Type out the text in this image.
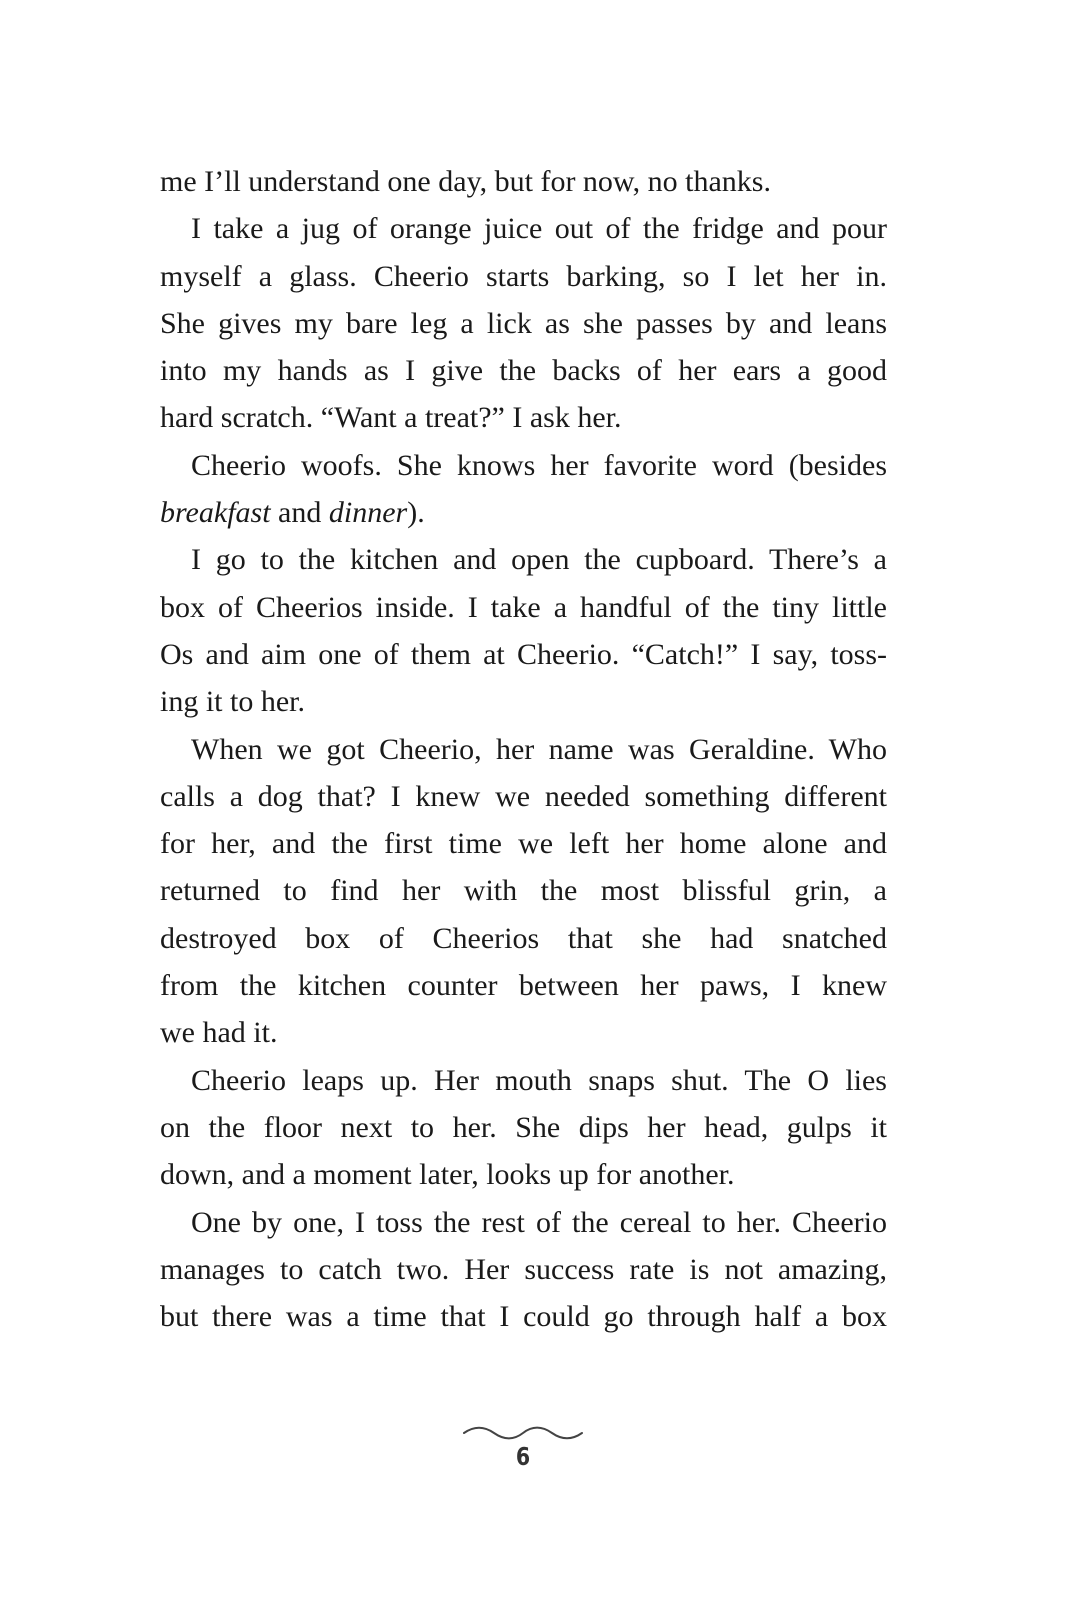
me I’ll understand one day, but for now, no thanks.
I take a jug of orange juice out of the fridge and pour
myself a glass. Cheerio starts barking, so I let her in.
She gives my bare leg a lick as she passes by and leans
into my hands as I give the backs of her ears a good
hard scratch. “Want a treat?” I ask her.
Cheerio woofs. She knows her favorite word (besides
breakfast and dinner).
I go to the kitchen and open the cupboard. There’s a
box of Cheerios inside. I take a handful of the tiny little
Os and aim one of them at Cheerio. “Catch!” I say, toss-
ing it to her.
When we got Cheerio, her name was Geraldine. Who
calls a dog that? I knew we needed something different
for her, and the first time we left her home alone and
returned to find her with the most blissful grin, a
destroyed box of Cheerios that she had snatched
from the kitchen counter between her paws, I knew
we had it.
Cheerio leaps up. Her mouth snaps shut. The O lies
on the floor next to her. She dips her head, gulps it
down, and a moment later, looks up for another.
One by one, I toss the rest of the cereal to her. Cheerio
manages to catch two. Her success rate is not amazing,
but there was a time that I could go through half a box
6
